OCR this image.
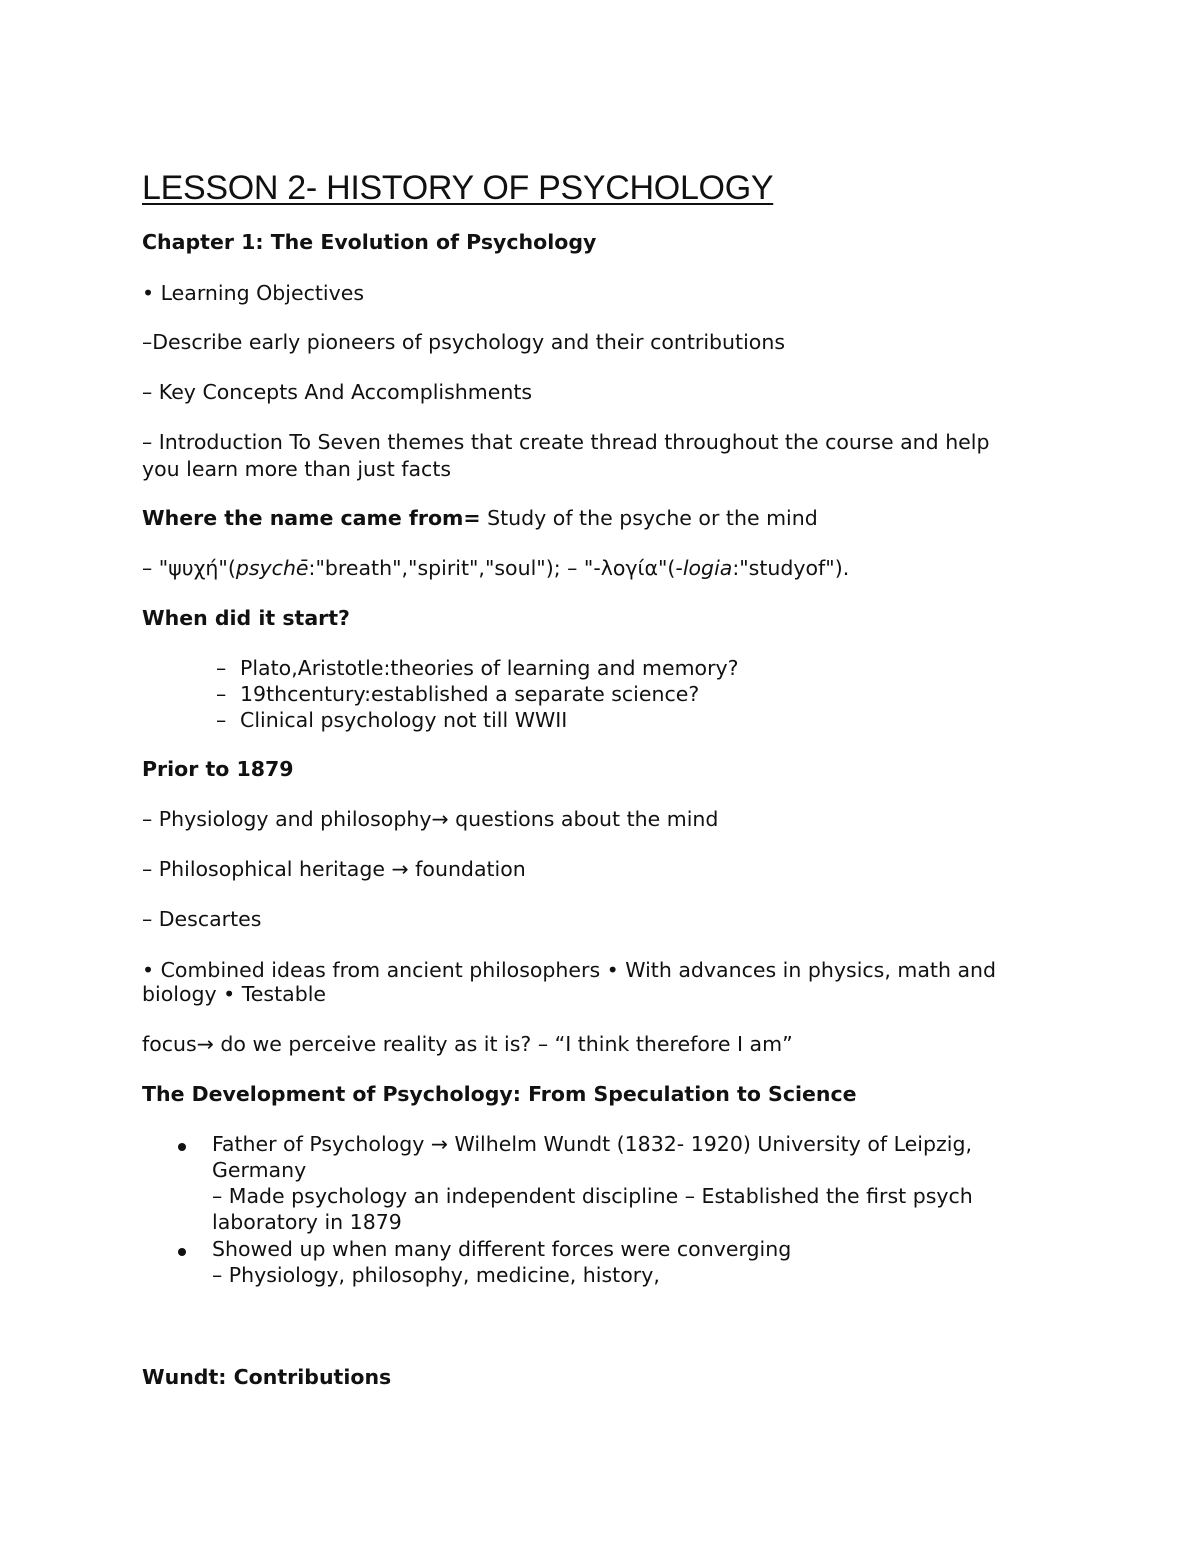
LESSON 2- HISTORY OF PSYCHOLOGY
Chapter 1: The Evolution of Psychology
• Learning Objectives
–Describe early pioneers of psychology and their contributions
– Key Concepts And Accomplishments
– Introduction To Seven themes that create thread throughout the course and help
you learn more than just facts
Where the name came from= Study of the psyche or the mind
– "ψυχή"(psychē:"breath","spirit","soul"); – "-λογία"(-logia:"studyof").
When did it start?
– Plato,Aristotle:theories of learning and memory?
– 19thcentury:established a separate science?
– Clinical psychology not till WWII
Prior to 1879
– Physiology and philosophy→ questions about the mind
– Philosophical heritage → foundation
– Descartes
• Combined ideas from ancient philosophers • With advances in physics, math and
biology • Testable
focus→ do we perceive reality as it is? – “I think therefore I am”
The Development of Psychology: From Speculation to Science
Father of Psychology → Wilhelm Wundt (1832- 1920) University of Leipzig,
Germany
– Made psychology an independent discipline – Established the first psych
laboratory in 1879
Showed up when many different forces were converging
– Physiology, philosophy, medicine, history,
Wundt: Contributions
